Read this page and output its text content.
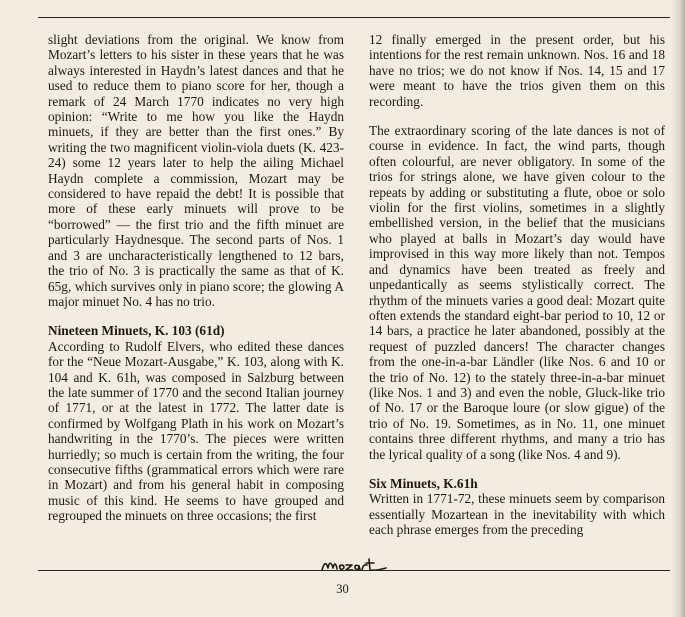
slight deviations from the original. We know from Mozart’s letters to his sister in these years that he was always interested in Haydn’s latest dances and that he used to reduce them to piano score for her, though a remark of 24 March 1770 indicates no very high opinion: “Write to me how you like the Haydn minuets, if they are better than the first ones.” By writing the two magnificent violin-viola duets (K. 423-24) some 12 years later to help the ailing Michael Haydn complete a commission, Mozart may be considered to have repaid the debt! It is possible that more of these early minuets will prove to be “borrowed” — the first trio and the fifth minuet are particularly Haydnesque. The second parts of Nos. 1 and 3 are uncharacteristically lengthened to 12 bars, the trio of No. 3 is practically the same as that of K. 65g, which survives only in piano score; the glowing A major minuet No. 4 has no trio.

Nineteen Minuets, K. 103 (61d)

According to Rudolf Elvers, who edited these dances for the “Neue Mozart-Ausgabe,” K. 103, along with K. 104 and K. 61h, was composed in Salzburg between the late summer of 1770 and the second Italian journey of 1771, or at the latest in 1772. The latter date is confirmed by Wolfgang Plath in his work on Mozart’s handwriting in the 1770’s. The pieces were written hurriedly; so much is certain from the writing, the four consecutive fifths (grammatical errors which were rare in Mozart) and from his general habit in composing music of this kind. He seems to have grouped and regrouped the minuets on three occasions; the first

12 finally emerged in the present order, but his intentions for the rest remain unknown. Nos. 16 and 18 have no trios; we do not know if Nos. 14, 15 and 17 were meant to have the trios given them on this recording.

The extraordinary scoring of the late dances is not of course in evidence. In fact, the wind parts, though often colourful, are never obligatory. In some of the trios for strings alone, we have given colour to the repeats by adding or substituting a flute, oboe or solo violin for the first violins, sometimes in a slightly embellished version, in the belief that the musicians who played at balls in Mozart’s day would have improvised in this way more likely than not. Tempos and dynamics have been treated as freely and unpedantically as seems stylistically correct. The rhythm of the minuets varies a good deal: Mozart quite often extends the standard eight-bar period to 10, 12 or 14 bars, a practice he later abandoned, possibly at the request of puzzled dancers! The character changes from the one-in-a-bar Ländler (like Nos. 6 and 10 or the trio of No. 12) to the stately three-in-a-bar minuet (like Nos. 1 and 3) and even the noble, Gluck-like trio of No. 17 or the Baroque loure (or slow gigue) of the trio of No. 19. Sometimes, as in No. 11, one minuet contains three different rhythms, and many a trio has the lyrical quality of a song (like Nos. 4 and 9).

Six Minuets, K.61h

Written in 1771-72, these minuets seem by comparison essentially Mozartean in the inevitability with which each phrase emerges from the preceding

30
